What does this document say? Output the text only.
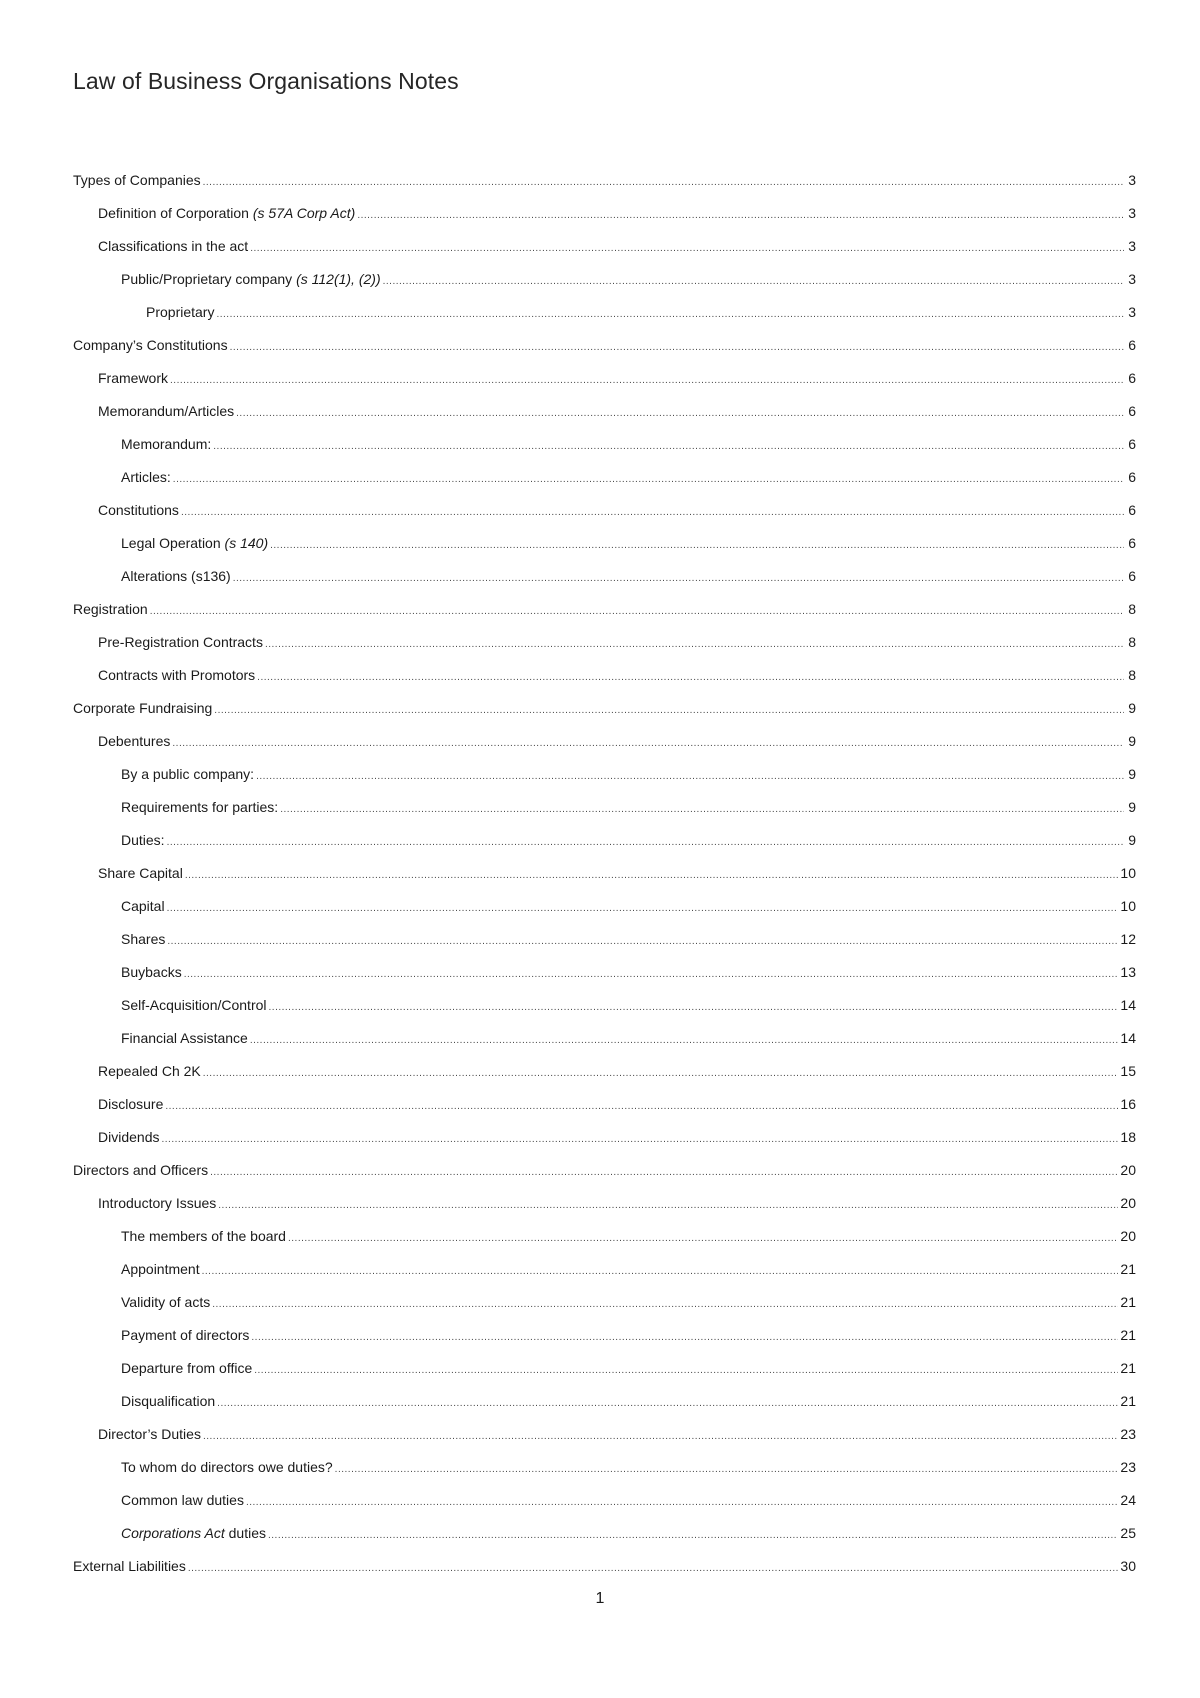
Law of Business Organisations Notes
Types of Companies .....	3
Definition of Corporation (s 57A Corp Act) .....	3
Classifications in the act .....	3
Public/Proprietary company (s 112(1), (2)) .....	3
Proprietary .....	3
Company’s Constitutions .....	6
Framework .....	6
Memorandum/Articles .....	6
Memorandum: .....	6
Articles: .....	6
Constitutions .....	6
Legal Operation (s 140) .....	6
Alterations (s136) .....	6
Registration .....	8
Pre-Registration Contracts .....	8
Contracts with Promotors .....	8
Corporate Fundraising .....	9
Debentures .....	9
By a public company: .....	9
Requirements for parties: .....	9
Duties: .....	9
Share Capital .....	10
Capital .....	10
Shares .....	12
Buybacks .....	13
Self-Acquisition/Control .....	14
Financial Assistance .....	14
Repealed Ch 2K .....	15
Disclosure .....	16
Dividends .....	18
Directors and Officers .....	20
Introductory Issues .....	20
The members of the board .....	20
Appointment .....	21
Validity of acts .....	21
Payment of directors .....	21
Departure from office .....	21
Disqualification .....	21
Director’s Duties .....	23
To whom do directors owe duties? .....	23
Common law duties .....	24
Corporations Act duties .....	25
External Liabilities .....	30
1
